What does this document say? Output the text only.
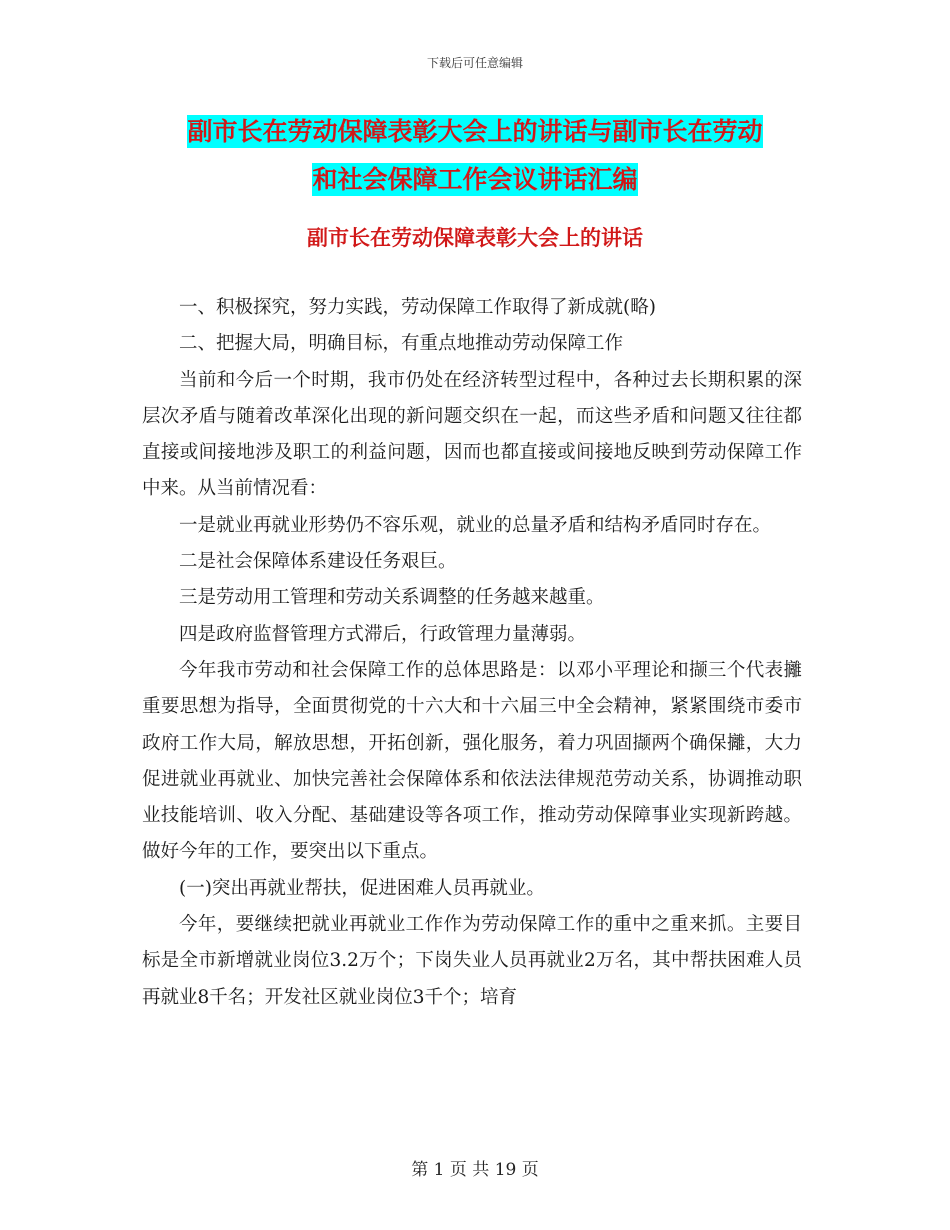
下载后可任意编辑
副市长在劳动保障表彰大会上的讲话与副市长在劳动
和社会保障工作会议讲话汇编
副市长在劳动保障表彰大会上的讲话

一、积极探究，努力实践，劳动保障工作取得了新成就(略)

二、把握大局，明确目标，有重点地推动劳动保障工作

当前和今后一个时期，我市仍处在经济转型过程中，各种过去长期积累的深层次矛盾与随着改革深化出现的新问题交织在一起，而这些矛盾和问题又往往都直接或间接地涉及职工的利益问题，因而也都直接或间接地反映到劳动保障工作中来。从当前情况看：

一是就业再就业形势仍不容乐观，就业的总量矛盾和结构矛盾同时存在。

二是社会保障体系建设任务艰巨。

三是劳动用工管理和劳动关系调整的任务越来越重。

四是政府监督管理方式滞后，行政管理力量薄弱。

今年我市劳动和社会保障工作的总体思路是：以邓小平理论和撷三个代表攡重要思想为指导，全面贯彻党的十六大和十六届三中全会精神，紧紧围绕市委市政府工作大局，解放思想，开拓创新，强化服务，着力巩固撷两个确保攡，大力促进就业再就业、加快完善社会保障体系和依法法律规范劳动关系，协调推动职业技能培训、收入分配、基础建设等各项工作，推动劳动保障事业实现新跨越。做好今年的工作，要突出以下重点。

(一)突出再就业帮扶，促进困难人员再就业。

今年，要继续把就业再就业工作作为劳动保障工作的重中之重来抓。主要目标是全市新增就业岗位3.2万个；下岗失业人员再就业2万名，其中帮扶困难人员再就业8千名；开发社区就业岗位3千个；培育

第 1 页 共 19 页
